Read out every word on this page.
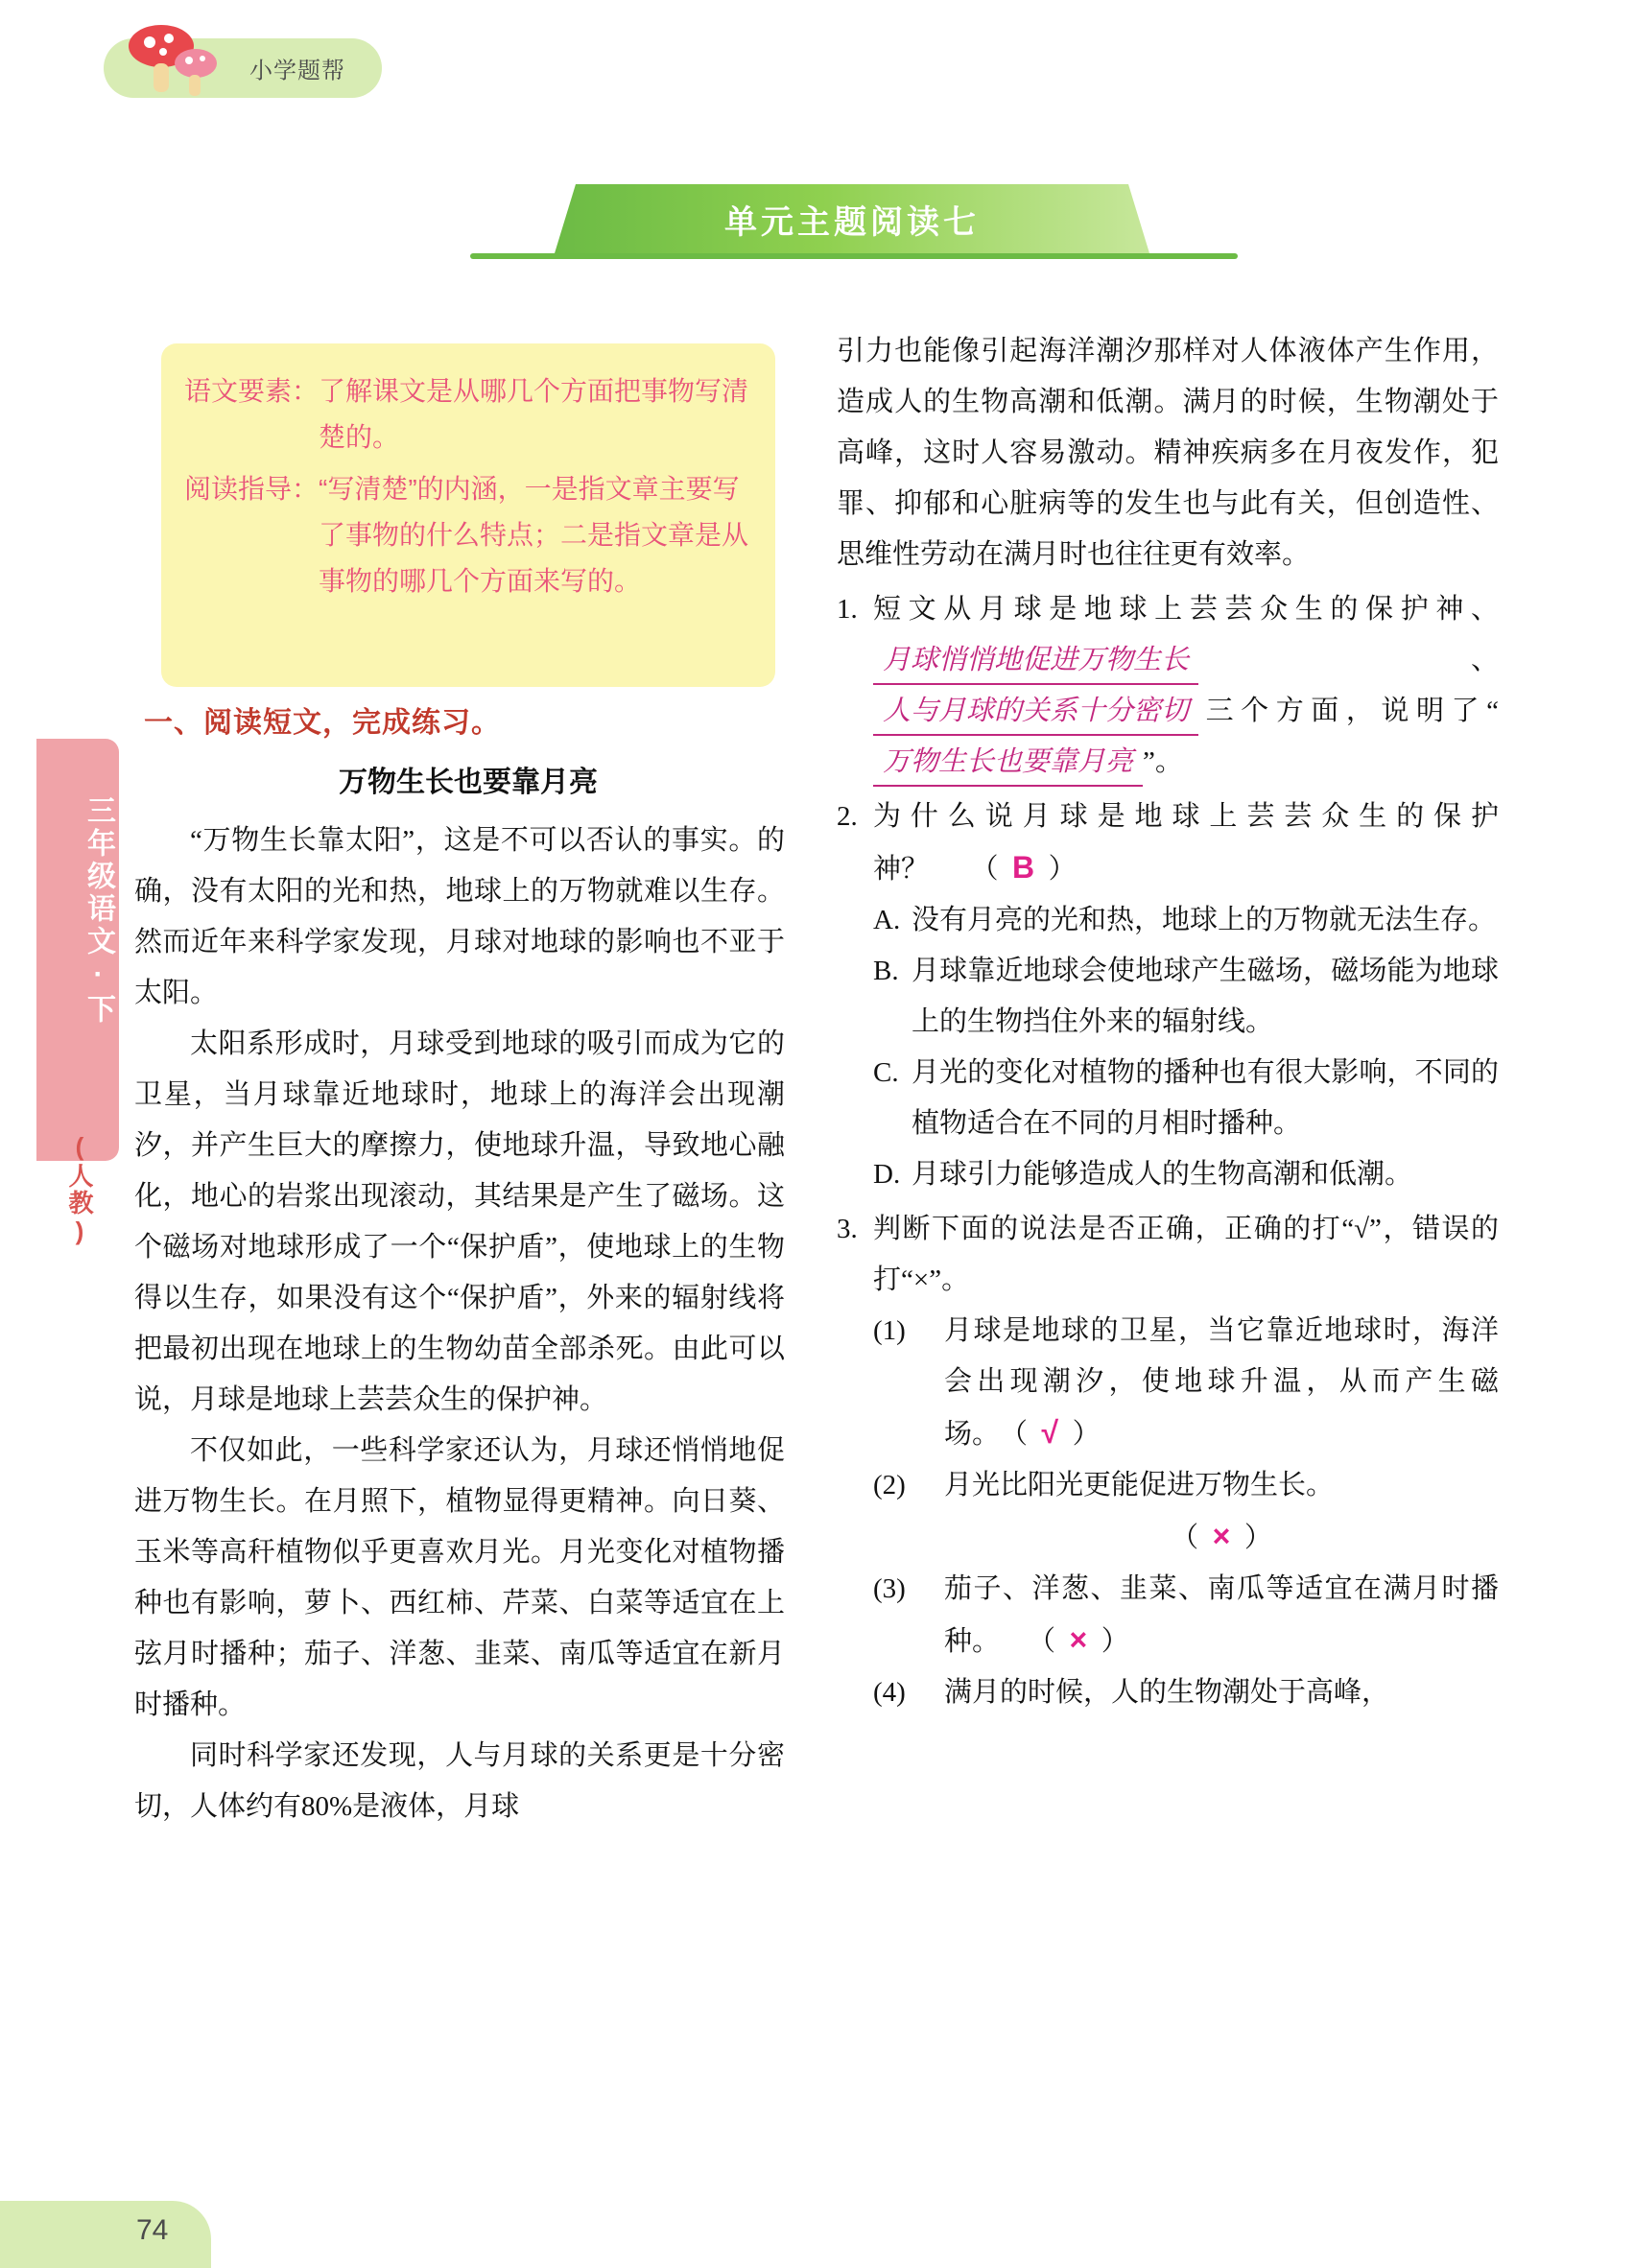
小学题帮
单元主题阅读七
三年级语文·下
(人教)
语文要素： 了解课文是从哪几个方面把事物写清楚的。
阅读指导： “写清楚”的内涵，一是指文章主要写了事物的什么特点；二是指文章是从事物的哪几个方面来写的。
一、阅读短文，完成练习。
万物生长也要靠月亮

“万物生长靠太阳”，这是不可以否认的事实。的确，没有太阳的光和热，地球上的万物就难以生存。然而近年来科学家发现，月球对地球的影响也不亚于太阳。

太阳系形成时，月球受到地球的吸引而成为它的卫星，当月球靠近地球时，地球上的海洋会出现潮汐，并产生巨大的摩擦力，使地球升温，导致地心融化，地心的岩浆出现滚动，其结果是产生了磁场。这个磁场对地球形成了一个“保护盾”，使地球上的生物得以生存，如果没有这个“保护盾”，外来的辐射线将把最初出现在地球上的生物幼苗全部杀死。由此可以说，月球是地球上芸芸众生的保护神。

不仅如此，一些科学家还认为，月球还悄悄地促进万物生长。在月照下，植物显得更精神。向日葵、玉米等高秆植物似乎更喜欢月光。月光变化对植物播种也有影响，萝卜、西红柿、芹菜、白菜等适宜在上弦月时播种；茄子、洋葱、韭菜、南瓜等适宜在新月时播种。

同时科学家还发现，人与月球的关系更是十分密切，人体约有80%是液体，月球

引力也能像引起海洋潮汐那样对人体液体产生作用，造成人的生物高潮和低潮。满月的时候，生物潮处于高峰，这时人容易激动。精神疾病多在月夜发作，犯罪、抑郁和心脏病等的发生也与此有关，但创造性、思维性劳动在满月时也往往更有效率。

1. 短文从月球是地球上芸芸众生的保护神、月球悄悄地促进万物生长 、人与月球的关系十分密切 三个方面，说明了“万物生长也要靠月亮 ”。
2. 为什么说月球是地球上芸芸众生的保护神？　　（  B  ）
A. 没有月亮的光和热，地球上的万物就无法生存。
B. 月球靠近地球会使地球产生磁场，磁场能为地球上的生物挡住外来的辐射线。
C. 月光的变化对植物的播种也有很大影响，不同的植物适合在不同的月相时播种。
D. 月球引力能够造成人的生物高潮和低潮。
3. 判断下面的说法是否正确，正确的打“√”，错误的打“×”。
(1)	月球是地球的卫星，当它靠近地球时，海洋会出现潮汐，使地球升温，从而产生磁场。　（  √  ）
(2)	月光比阳光更能促进万物生长。

（  ×  ）
(3)	茄子、洋葱、韭菜、南瓜等适宜在满月时播种。　　（  ×  ）
(4)	满月的时候，人的生物潮处于高峰，
74
